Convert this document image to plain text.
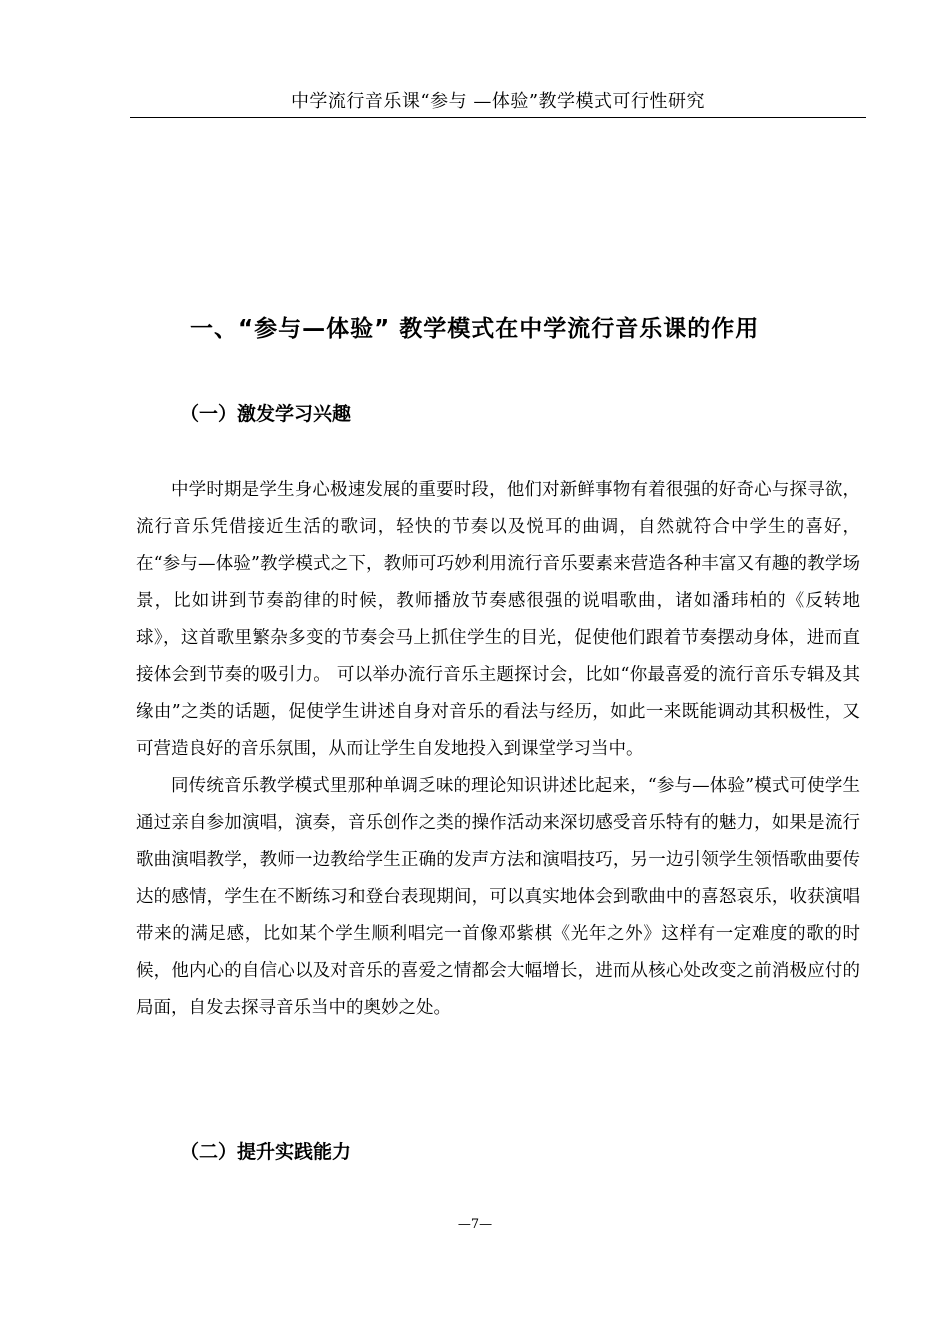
中学流行音乐课“参与 —体验”教学模式可行性研究
一、“参与—体验” 教学模式在中学流行音乐课的作用
（一）激发学习兴趣

中学时期是学生身心极速发展的重要时段，他们对新鲜事物有着很强的好奇心与探寻欲，流行音乐凭借接近生活的歌词，轻快的节奏以及悦耳的曲调，自然就符合中学生的喜好，在“参与—体验”教学模式之下，教师可巧妙利用流行音乐要素来营造各种丰富又有趣的教学场景，比如讲到节奏韵律的时候，教师播放节奏感很强的说唱歌曲，诸如潘玮柏的《反转地球》，这首歌里繁杂多变的节奏会马上抓住学生的目光，促使他们跟着节奏摆动身体，进而直接体会到节奏的吸引力。 可以举办流行音乐主题探讨会，比如“你最喜爱的流行音乐专辑及其缘由”之类的话题，促使学生讲述自身对音乐的看法与经历，如此一来既能调动其积极性，又可营造良好的音乐氛围，从而让学生自发地投入到课堂学习当中。

同传统音乐教学模式里那种单调乏味的理论知识讲述比起来，“参与—体验”模式可使学生通过亲自参加演唱，演奏，音乐创作之类的操作活动来深切感受音乐特有的魅力，如果是流行歌曲演唱教学，教师一边教给学生正确的发声方法和演唱技巧，另一边引领学生领悟歌曲要传达的感情，学生在不断练习和登台表现期间，可以真实地体会到歌曲中的喜怒哀乐，收获演唱带来的满足感，比如某个学生顺利唱完一首像邓紫棋《光年之外》这样有一定难度的歌的时候，他内心的自信心以及对音乐的喜爱之情都会大幅增长，进而从核心处改变之前消极应付的局面，自发去探寻音乐当中的奥妙之处。

（二）提升实践能力
—7—
